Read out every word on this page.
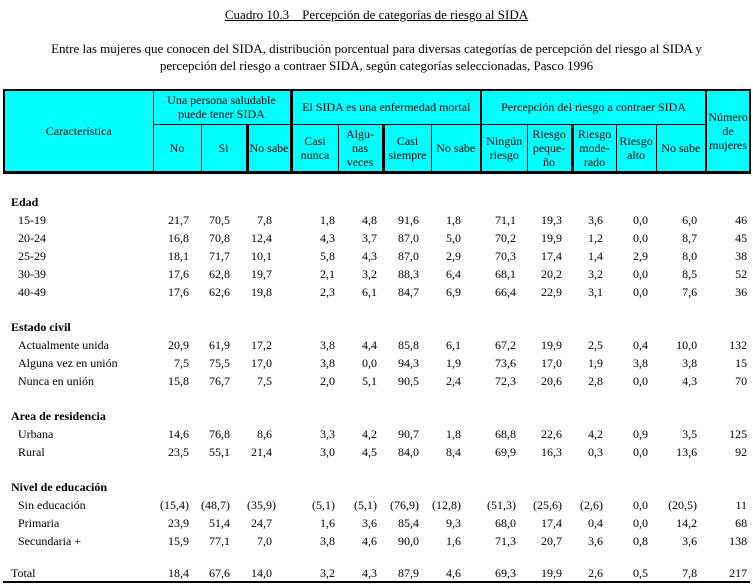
Cuadro 10.3    Percepción de categorías de riesgo al SIDA
Entre las mujeres que conocen del SIDA, distribución porcentual para diversas categorías de percepción del riesgo al SIDA y
percepción del riesgo a contraer SIDA, según categorías seleccionadas, Pasco 1996
Característica	Una persona saludable puede tener SIDA			El SIDA es una enfermedad mortal				Percepción del riesgo a contraer SIDA					Número de mujeres
	No	Si	No sabe	Casi nunca	Algu-nas veces	Casi siempre	No sabe	Ningún riesgo	Riesgo peque-ño	Riesgo mode-rado	Riesgo alto	No sabe	

Edad													
15-19	21,7	70,5	7,8	1,8	4,8	91,6	1,8	71,1	19,3	3,6	0,0	6,0	46
20-24	16,8	70,8	12,4	4,3	3,7	87,0	5,0	70,2	19,9	1,2	0,0	8,7	45
25-29	18,1	71,7	10,1	5,8	4,3	87,0	2,9	70,3	17,4	1,4	2,9	8,0	38
30-39	17,6	62,8	19,7	2,1	3,2	88,3	6,4	68,1	20,2	3,2	0,0	8,5	52
40-49	17,6	62,6	19,8	2,3	6,1	84,7	6,9	66,4	22,9	3,1	0,0	7,6	36

Estado civil													
Actualmente unida	20,9	61,9	17,2	3,8	4,4	85,8	6,1	67,2	19,9	2,5	0,4	10,0	132
Alguna vez en unión	7,5	75,5	17,0	3,8	0,0	94,3	1,9	73,6	17,0	1,9	3,8	3,8	15
Nunca en unión	15,8	76,7	7,5	2,0	5,1	90,5	2,4	72,3	20,6	2,8	0,0	4,3	70

Area de residencia													
Urbana	14,6	76,8	8,6	3,3	4,2	90,7	1,8	68,8	22,6	4,2	0,9	3,5	125
Rural	23,5	55,1	21,4	3,0	4,5	84,0	8,4	69,9	16,3	0,3	0,0	13,6	92

Nivel de educación													
Sin educación	(15,4)	(48,7)	(35,9)	(5,1)	(5,1)	(76,9)	(12,8)	(51,3)	(25,6)	(2,6)	0,0	(20,5)	11
Primaria	23,9	51,4	24,7	1,6	3,6	85,4	9,3	68,0	17,4	0,4	0,0	14,2	68
Secundaria +	15,9	77,1	7,0	3,8	4,6	90,0	1,6	71,3	20,7	3,6	0,8	3,6	138

Total	18,4	67,6	14,0	3,2	4,3	87,9	4,6	69,3	19,9	2,6	0,5	7,8	217
